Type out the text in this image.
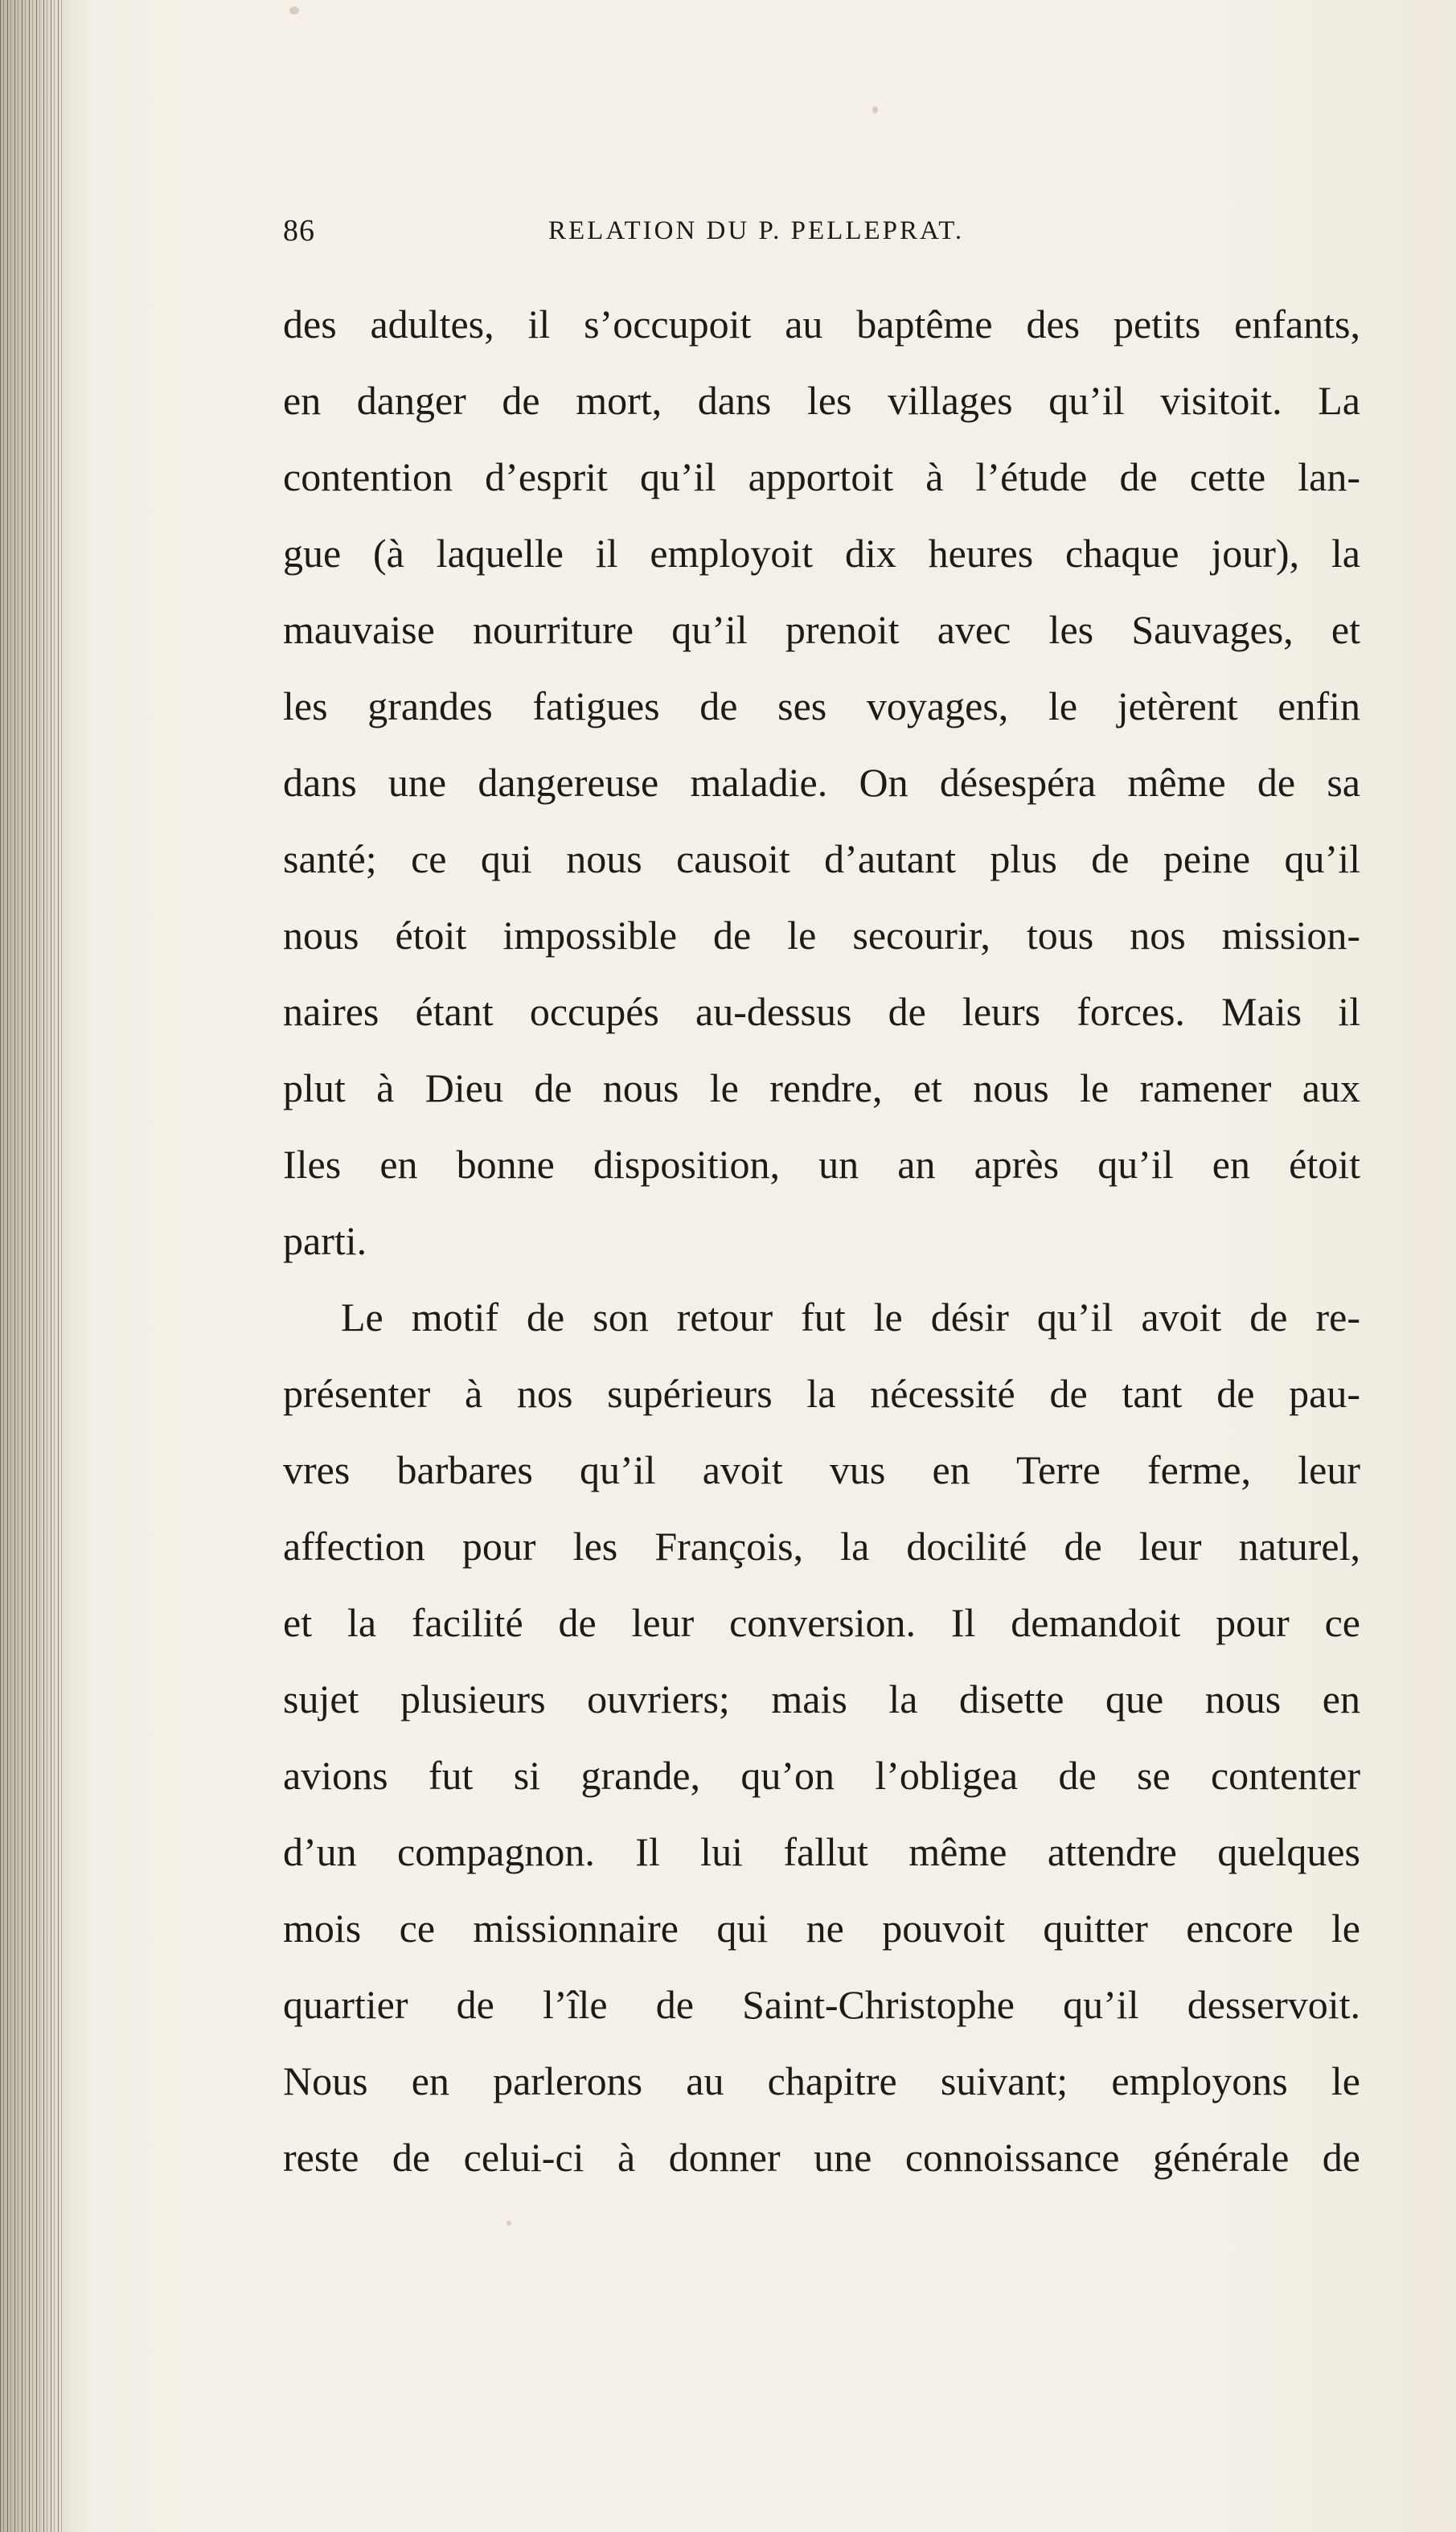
86	RELATION DU P. PELLEPRAT.
des adultes, il s’occupoit au baptême des petits enfants,
en danger de mort, dans les villages qu’il visitoit. La
contention d’esprit qu’il apportoit à l’étude de cette lan-
gue (à laquelle il employoit dix heures chaque jour), la
mauvaise nourriture qu’il prenoit avec les Sauvages, et
les grandes fatigues de ses voyages, le jetèrent enfin
dans une dangereuse maladie. On désespéra même de sa
santé; ce qui nous causoit d’autant plus de peine qu’il
nous étoit impossible de le secourir, tous nos mission-
naires étant occupés au-dessus de leurs forces. Mais il
plut à Dieu de nous le rendre, et nous le ramener aux
Iles en bonne disposition, un an après qu’il en étoit
parti.
Le motif de son retour fut le désir qu’il avoit de re-
présenter à nos supérieurs la nécessité de tant de pau-
vres barbares qu’il avoit vus en Terre ferme, leur
affection pour les François, la docilité de leur naturel,
et la facilité de leur conversion. Il demandoit pour ce
sujet plusieurs ouvriers; mais la disette que nous en
avions fut si grande, qu’on l’obligea de se contenter
d’un compagnon. Il lui fallut même attendre quelques
mois ce missionnaire qui ne pouvoit quitter encore le
quartier de l’île de Saint-Christophe qu’il desservoit.
Nous en parlerons au chapitre suivant; employons le
reste de celui-ci à donner une connoissance générale de
